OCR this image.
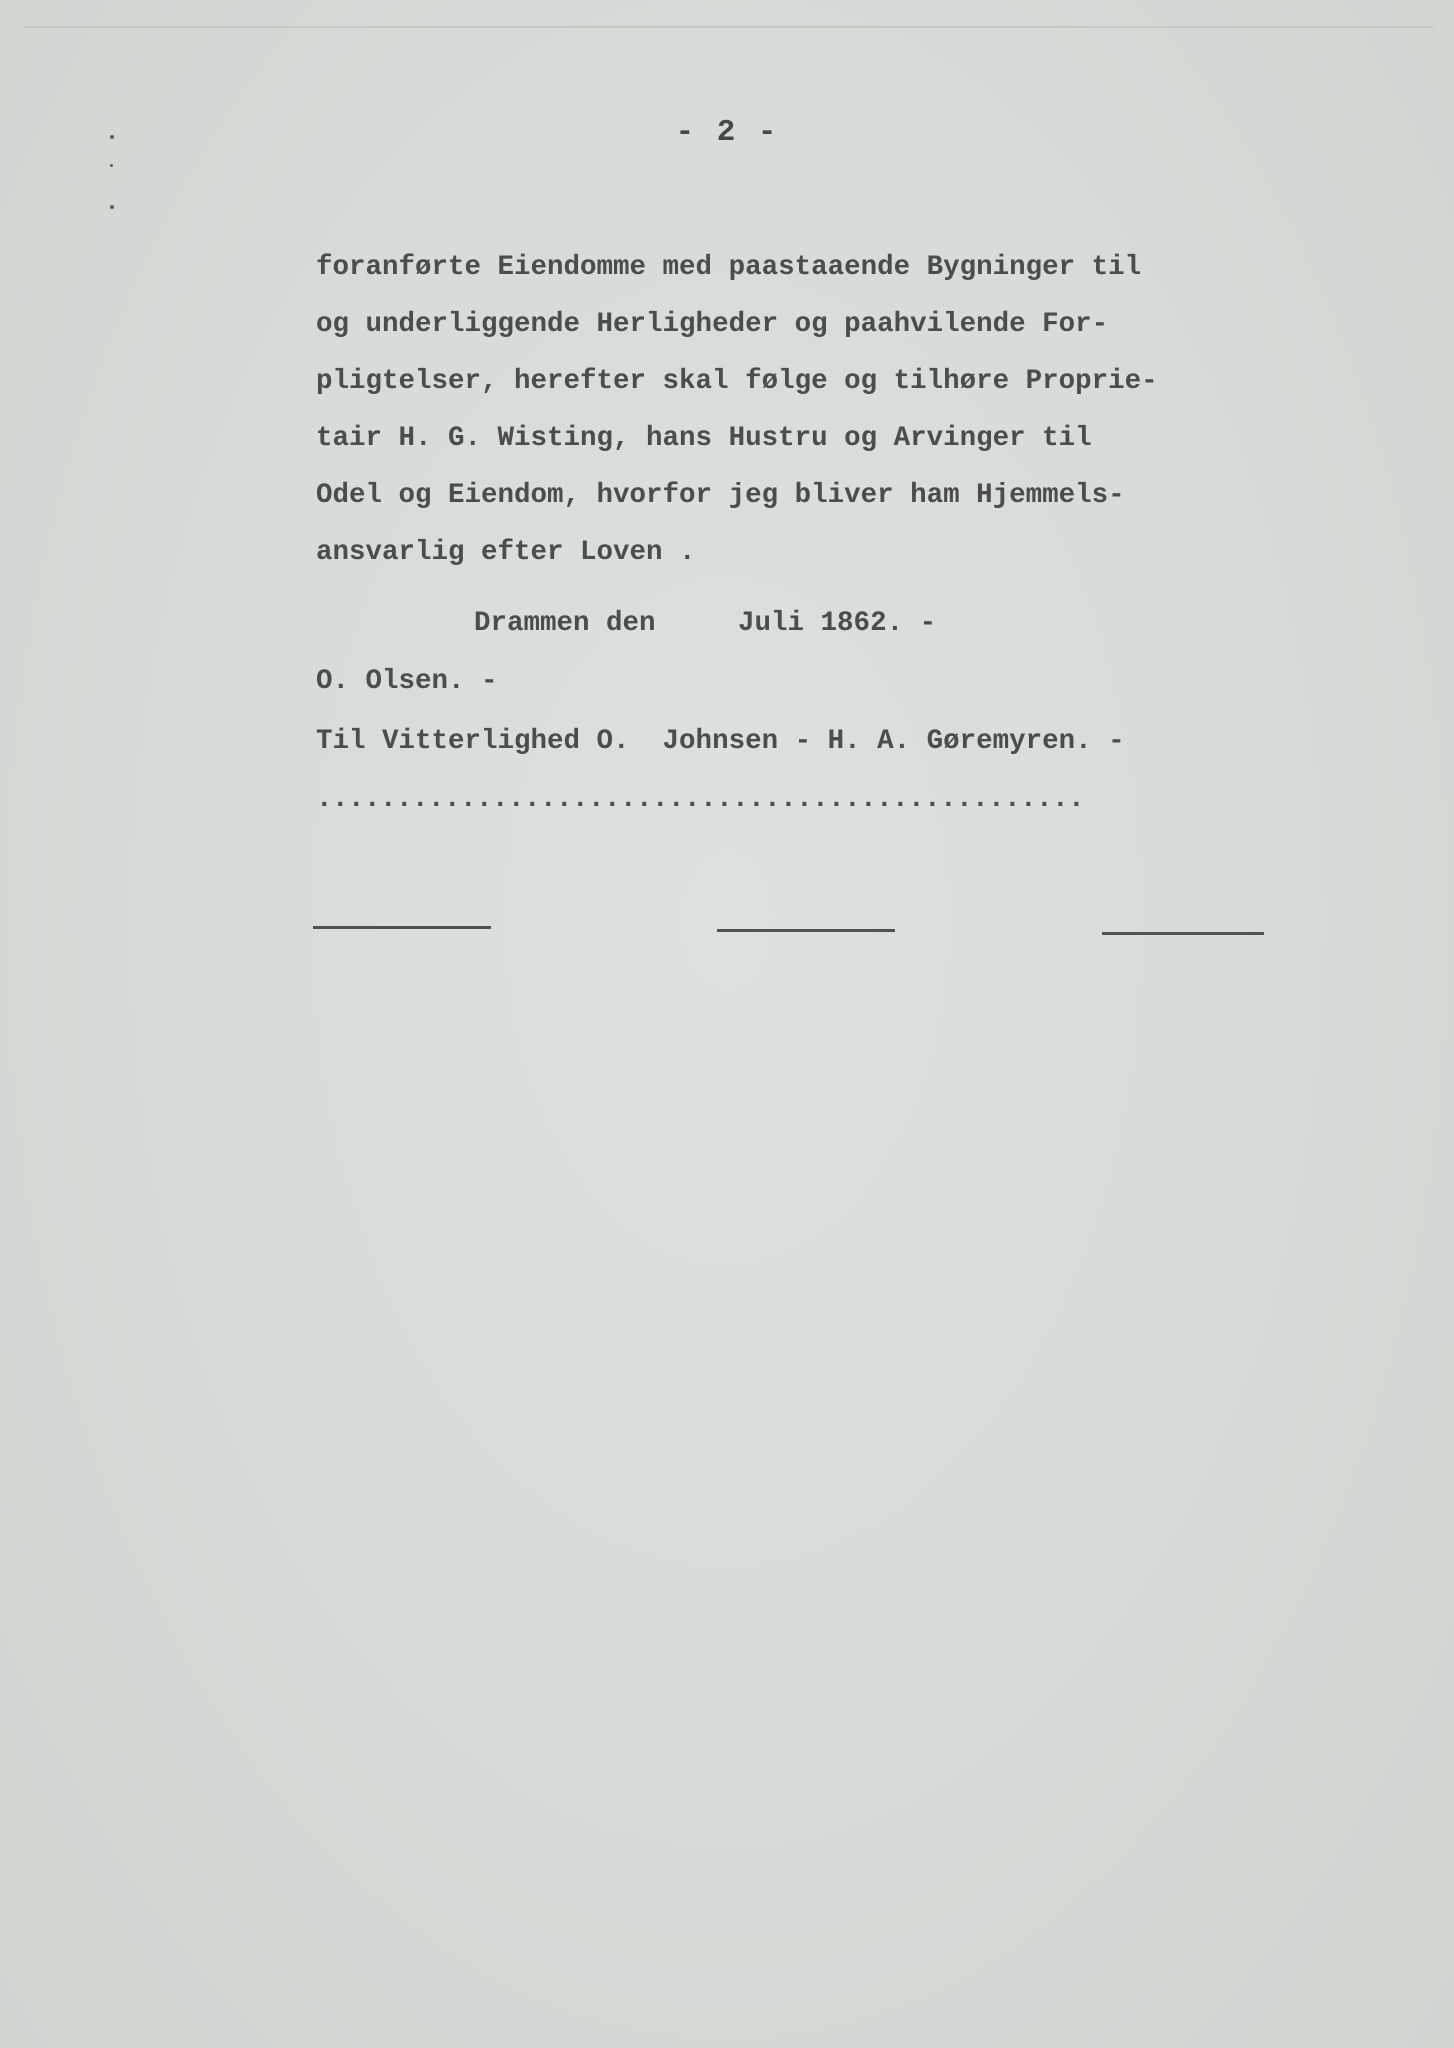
- 2 -
foranførte Eiendomme med paastaaende Bygninger til
og underliggende Herligheder og paahvilende For-
pligtelser, herefter skal følge og tilhøre Proprie-
tair H. G. Wisting, hans Hustru og Arvinger til
Odel og Eiendom, hvorfor jeg bliver ham Hjemmels-
ansvarlig efter Loven .
Drammen den     Juli 1862. -
O. Olsen. -
Til Vitterlighed O.  Johnsen - H. A. Gøremyren. -
................................................
